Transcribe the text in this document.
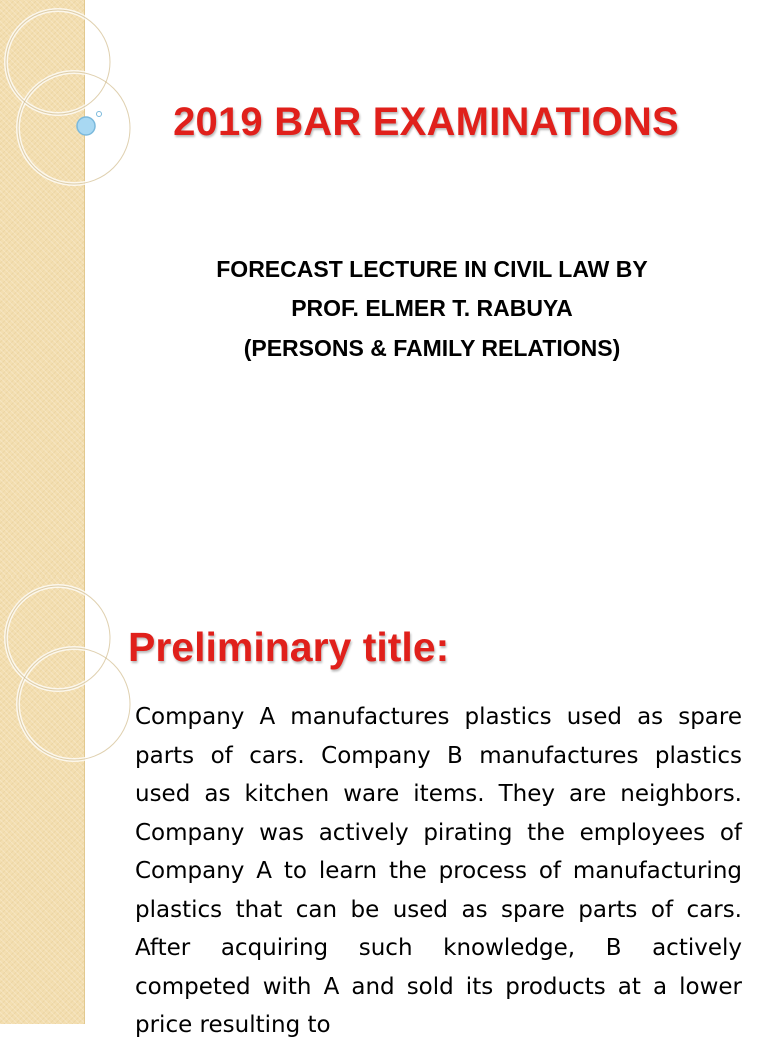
2019 BAR EXAMINATIONS
FORECAST LECTURE IN CIVIL LAW BY
PROF. ELMER T. RABUYA
(PERSONS & FAMILY RELATIONS)
Preliminary title:
Company A manufactures plastics used as spare parts of cars. Company B manufactures plastics used as kitchen ware items. They are neighbors. Company was actively pirating the employees of Company A to learn the process of manufacturing plastics that can be used as spare parts of cars. After acquiring such knowledge, B actively competed with A and sold its products at a lower price resulting to
